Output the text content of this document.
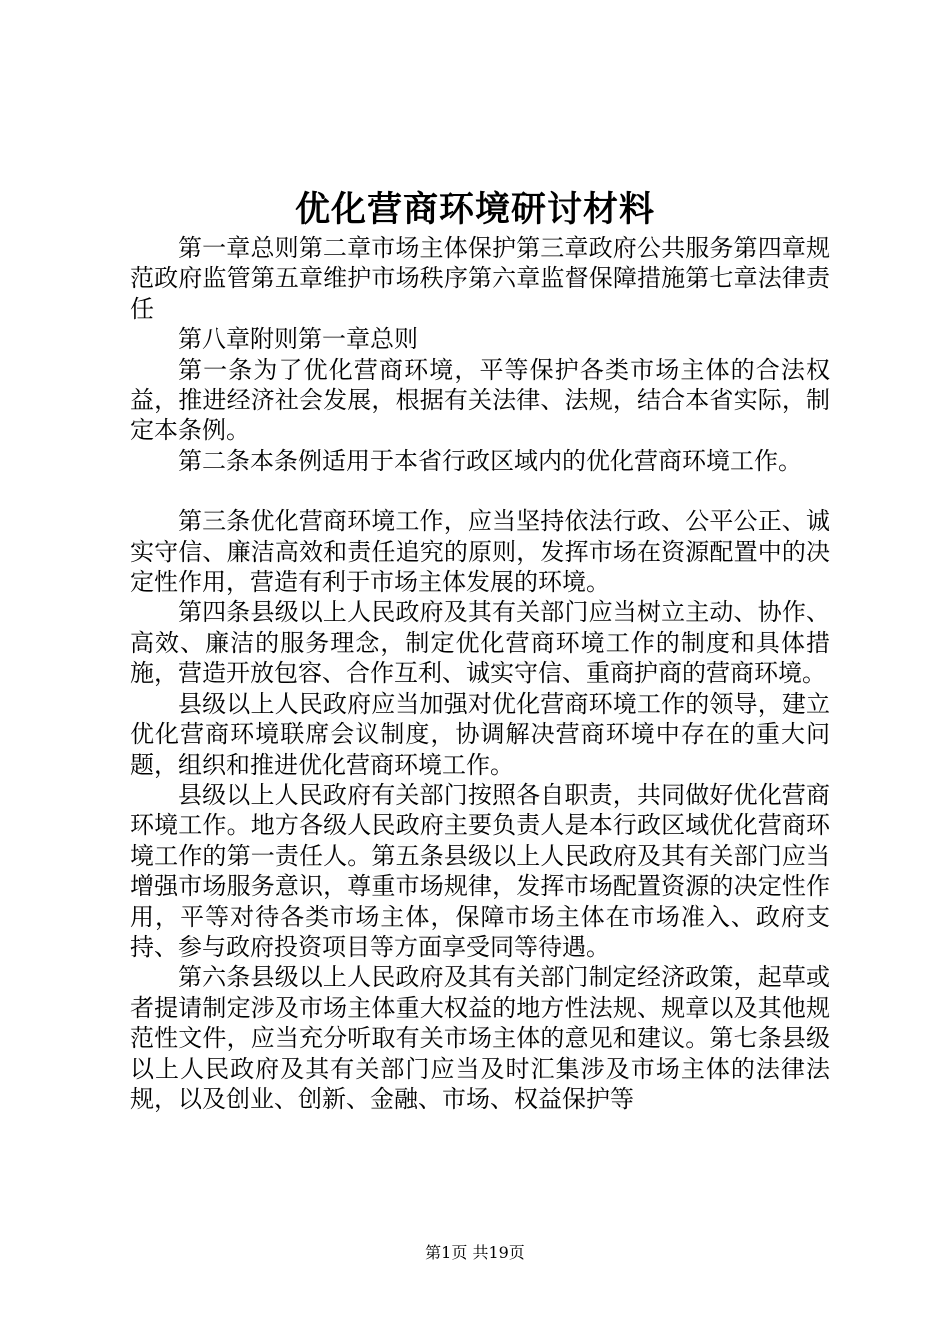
优化营商环境研讨材料

第一章总则第二章市场主体保护第三章政府公共服务第四章规范政府监管第五章维护市场秩序第六章监督保障措施第七章法律责任

第八章附则第一章总则

第一条为了优化营商环境，平等保护各类市场主体的合法权益，推进经济社会发展，根据有关法律、法规，结合本省实际，制定本条例。

第二条本条例适用于本省行政区域内的优化营商环境工作。

第三条优化营商环境工作，应当坚持依法行政、公平公正、诚实守信、廉洁高效和责任追究的原则，发挥市场在资源配置中的决定性作用，营造有利于市场主体发展的环境。

第四条县级以上人民政府及其有关部门应当树立主动、协作、高效、廉洁的服务理念，制定优化营商环境工作的制度和具体措施，营造开放包容、合作互利、诚实守信、重商护商的营商环境。

县级以上人民政府应当加强对优化营商环境工作的领导，建立优化营商环境联席会议制度，协调解决营商环境中存在的重大问题，组织和推进优化营商环境工作。

县级以上人民政府有关部门按照各自职责，共同做好优化营商环境工作。地方各级人民政府主要负责人是本行政区域优化营商环境工作的第一责任人。第五条县级以上人民政府及其有关部门应当增强市场服务意识，尊重市场规律，发挥市场配置资源的决定性作用，平等对待各类市场主体，保障市场主体在市场准入、政府支持、参与政府投资项目等方面享受同等待遇。

第六条县级以上人民政府及其有关部门制定经济政策，起草或者提请制定涉及市场主体重大权益的地方性法规、规章以及其他规范性文件，应当充分听取有关市场主体的意见和建议。第七条县级以上人民政府及其有关部门应当及时汇集涉及市场主体的法律法规，以及创业、创新、金融、市场、权益保护等

第1页 共19页
